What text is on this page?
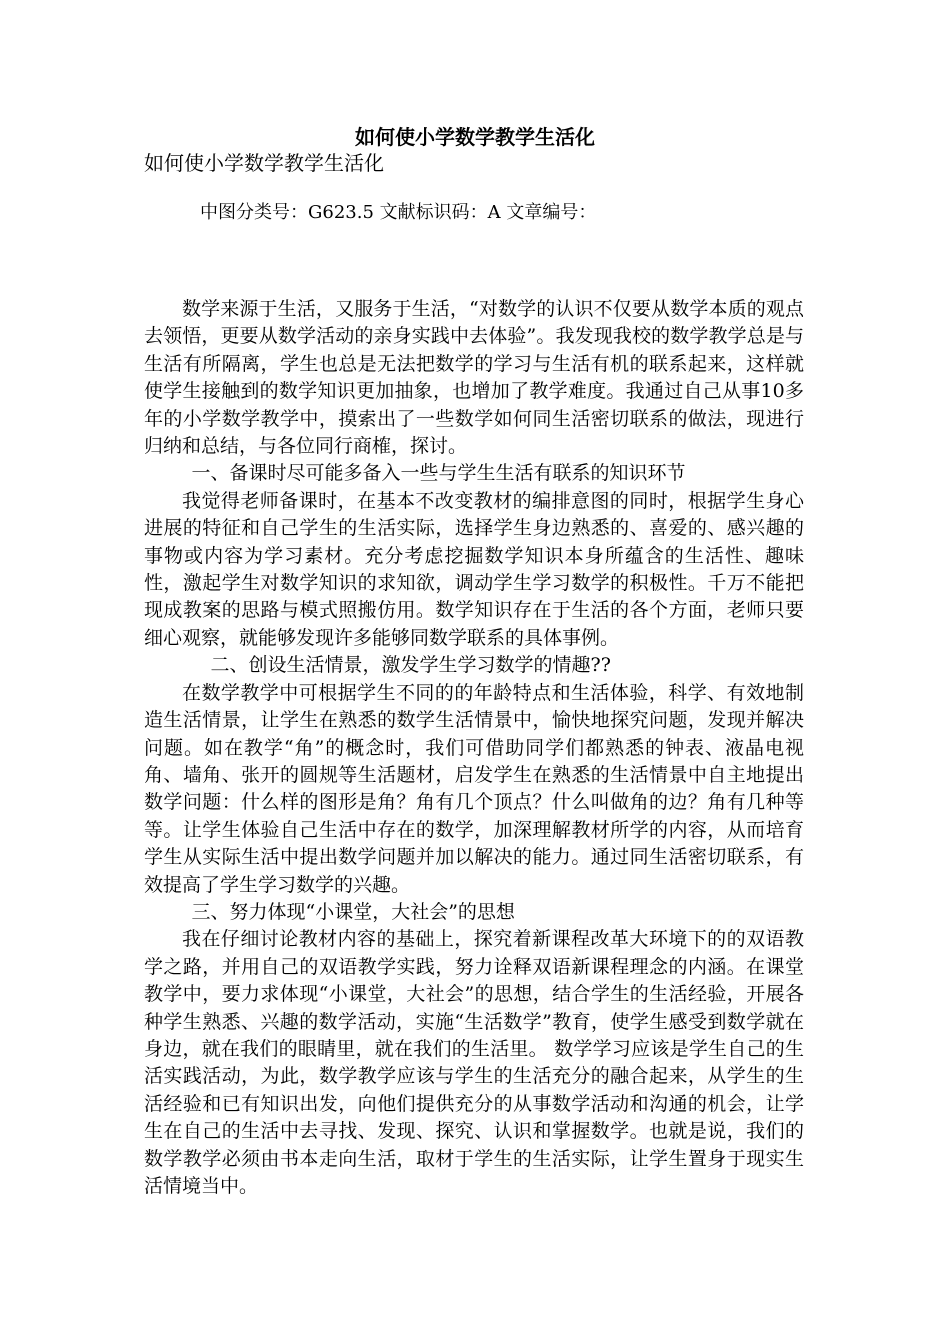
如何使小学数学教学生活化
如何使小学数学教学生活化
中图分类号：G623.5 文献标识码：A 文章编号：

数学来源于生活，又服务于生活，“对数学的认识不仅要从数学本质的观点去领悟，更要从数学活动的亲身实践中去体验”。我发现我校的数学教学总是与生活有所隔离，学生也总是无法把数学的学习与生活有机的联系起来，这样就使学生接触到的数学知识更加抽象，也增加了教学难度。我通过自己从事10多年的小学数学教学中，摸索出了一些数学如何同生活密切联系的做法，现进行归纳和总结，与各位同行商榷，探讨。

一、备课时尽可能多备入一些与学生生活有联系的知识环节

我觉得老师备课时，在基本不改变教材的编排意图的同时，根据学生身心进展的特征和自己学生的生活实际，选择学生身边熟悉的、喜爱的、感兴趣的事物或内容为学习素材。充分考虑挖掘数学知识本身所蕴含的生活性、趣味性，激起学生对数学知识的求知欲，调动学生学习数学的积极性。千万不能把现成教案的思路与模式照搬仿用。数学知识存在于生活的各个方面，老师只要细心观察，就能够发现许多能够同数学联系的具体事例。

二、创设生活情景，激发学生学习数学的情趣??

在数学教学中可根据学生不同的的年龄特点和生活体验，科学、有效地制造生活情景，让学生在熟悉的数学生活情景中，愉快地探究问题，发现并解决问题。如在教学“角”的概念时，我们可借助同学们都熟悉的钟表、液晶电视角、墙角、张开的圆规等生活题材，启发学生在熟悉的生活情景中自主地提出数学问题：什么样的图形是角？角有几个顶点？什么叫做角的边？角有几种等等。让学生体验自己生活中存在的数学，加深理解教材所学的内容，从而培育学生从实际生活中提出数学问题并加以解决的能力。通过同生活密切联系，有效提高了学生学习数学的兴趣。

三、努力体现“小课堂，大社会”的思想

我在仔细讨论教材内容的基础上，探究着新课程改革大环境下的的双语教学之路，并用自己的双语教学实践，努力诠释双语新课程理念的内涵。在课堂教学中，要力求体现“小课堂，大社会”的思想，结合学生的生活经验，开展各种学生熟悉、兴趣的数学活动，实施“生活数学”教育，使学生感受到数学就在身边，就在我们的眼睛里，就在我们的生活里。 数学学习应该是学生自己的生活实践活动，为此，数学教学应该与学生的生活充分的融合起来，从学生的生活经验和已有知识出发，向他们提供充分的从事数学活动和沟通的机会，让学生在自己的生活中去寻找、发现、探究、认识和掌握数学。也就是说，我们的数学教学必须由书本走向生活，取材于学生的生活实际，让学生置身于现实生活情境当中。
